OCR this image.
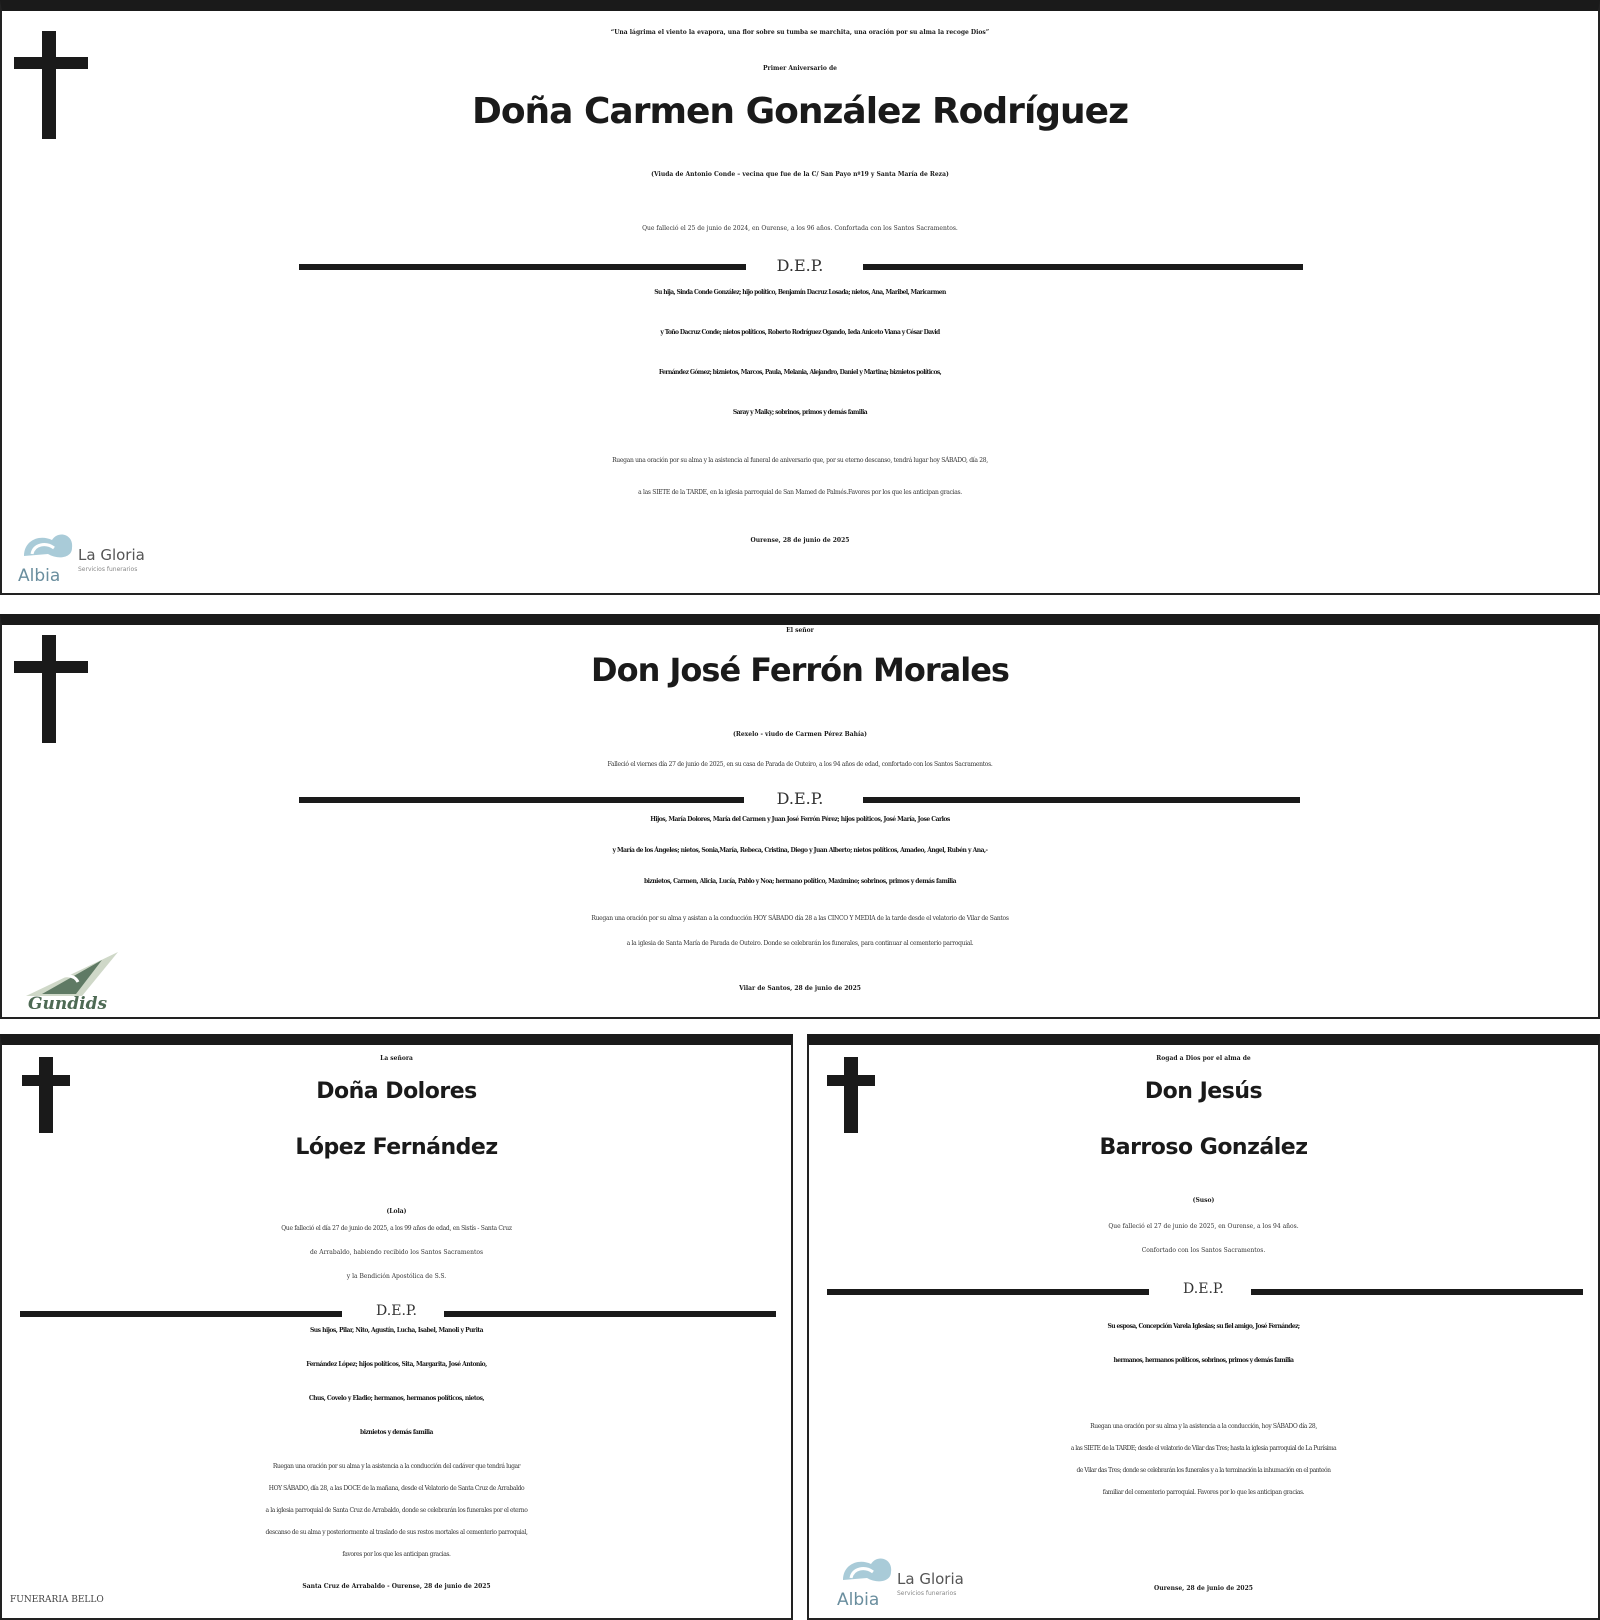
“Una lágrima el viento la evapora, una flor sobre su tumba se marchita, una oración por su alma la recoge Dios”
Primer Aniversario de
Doña Carmen González Rodríguez
(Viuda de Antonio Conde – vecina que fue de la C/ San Payo nº19 y Santa María de Reza)
Que falleció el 25 de junio de 2024, en Ourense, a los 96 años. Confortada con los Santos Sacramentos.
D.E.P.
Su hija, Sinda Conde González; hijo político, Benjamín Dacruz Losada; nietos, Ana, Maribel, Maricarmen
y Toño Dacruz Conde; nietos políticos, Roberto Rodríguez Ogando, Ieda Aniceto Viana y César David
Fernández Gómez; biznietos, Marcos, Paula, Melania, Alejandro, Daniel y Martina; biznietos políticos,
Saray y Maiky; sobrinos, primos y demás familia
Ruegan una oración por su alma y la asistencia al funeral de aniversario que, por su eterno descanso, tendrá lugar hoy SÁBADO, día 28,
a las SIETE de la TARDE, en la iglesia parroquial de San Mamed de Palmés.Favores por los que les anticipan gracias.
Ourense, 28 de junio de 2025
Albia
La Gloria
Servicios funerarios
El señor
Don José Ferrón Morales
(Rexelo - viudo de Carmen Pérez Bahía)
Falleció el viernes día 27 de junio de 2025, en su casa de Parada de Outeiro, a los 94 años de edad, confortado con los Santos Sacramentos.
D.E.P.
Hijos, María Dolores, María del Carmen y Juan José Ferrón Pérez; hijos políticos, José María, Jose Carlos
y María de los Ángeles; nietos, Sonia,María, Rebeca, Cristina, Diego y Juan Alberto; nietos políticos, Amadeo, Ángel, Rubén y Ana,-
biznietos, Carmen, Alicia, Lucía, Pablo y Noa; hermano político, Maximino; sobrinos, primos y demás familia
Ruegan una oración por su alma y asistan a la conducción HOY SÁBADO día 28 a las CINCO Y MEDIA de la tarde desde el velatorio de Vilar de Santos
a la iglesia de Santa María de Parada de Outeiro. Donde se celebrarán los funerales, para continuar al cementerio parroquial.
Vilar de Santos, 28 de junio de 2025
Gundids
La señora
Doña Dolores
López Fernández
(Lola)
Que falleció el día 27 de junio de 2025, a los 99 años de edad, en Sistís - Santa Cruz
de Arrabaldo, habiendo recibido los Santos Sacramentos
y la Bendición Apostólica de S.S.
D.E.P.
Sus hijos, Pilar, Nito, Agustín, Lucha, Isabel, Manoli y Purita
Fernández López; hijos políticos, Sita, Margarita, José Antonio,
Chus, Covelo y Eladio; hermanos, hermanos políticos, nietos,
biznietos y demás familia
Ruegan una oración por su alma y la asistencia a la conducción del cadáver que tendrá lugar
HOY SÁBADO, día 28, a las DOCE de la mañana, desde el Velatorio de Santa Cruz de Arrabaldo
a la iglesia parroquial de Santa Cruz de Arrabaldo, donde se celebrarán los funerales por el eterno
descanso de su alma y posteriormente al traslado de sus restos mortales al cementerio parroquial,
favores por los que les anticipan gracias.
Santa Cruz de Arrabaldo - Ourense, 28 de junio de 2025
FUNERARIA BELLO
Rogad a Dios por el alma de
Don Jesús
Barroso González
(Suso)
Que falleció el 27 de junio de 2025, en Ourense, a los 94 años.
Confortado con los Santos Sacramentos.
D.E.P.
Su esposa, Concepción Varela Iglesias; su fiel amigo, José Fernández;
hermanos, hermanos políticos, sobrinos, primos y demás familia
Ruegan una oración por su alma y la asistencia a la conducción, hoy SÁBADO día 28,
a las SIETE de la TARDE; desde el velatorio de Vilar das Tres; hasta la iglesia parroquial de La Purísima
de Vilar das Tres; donde se celebrarán los funerales y a la terminación la inhumación en el panteón
familiar del cementerio parroquial. Favores por lo que les anticipan gracias.
Ourense, 28 de junio de 2025
Albia
La Gloria
Servicios funerarios
